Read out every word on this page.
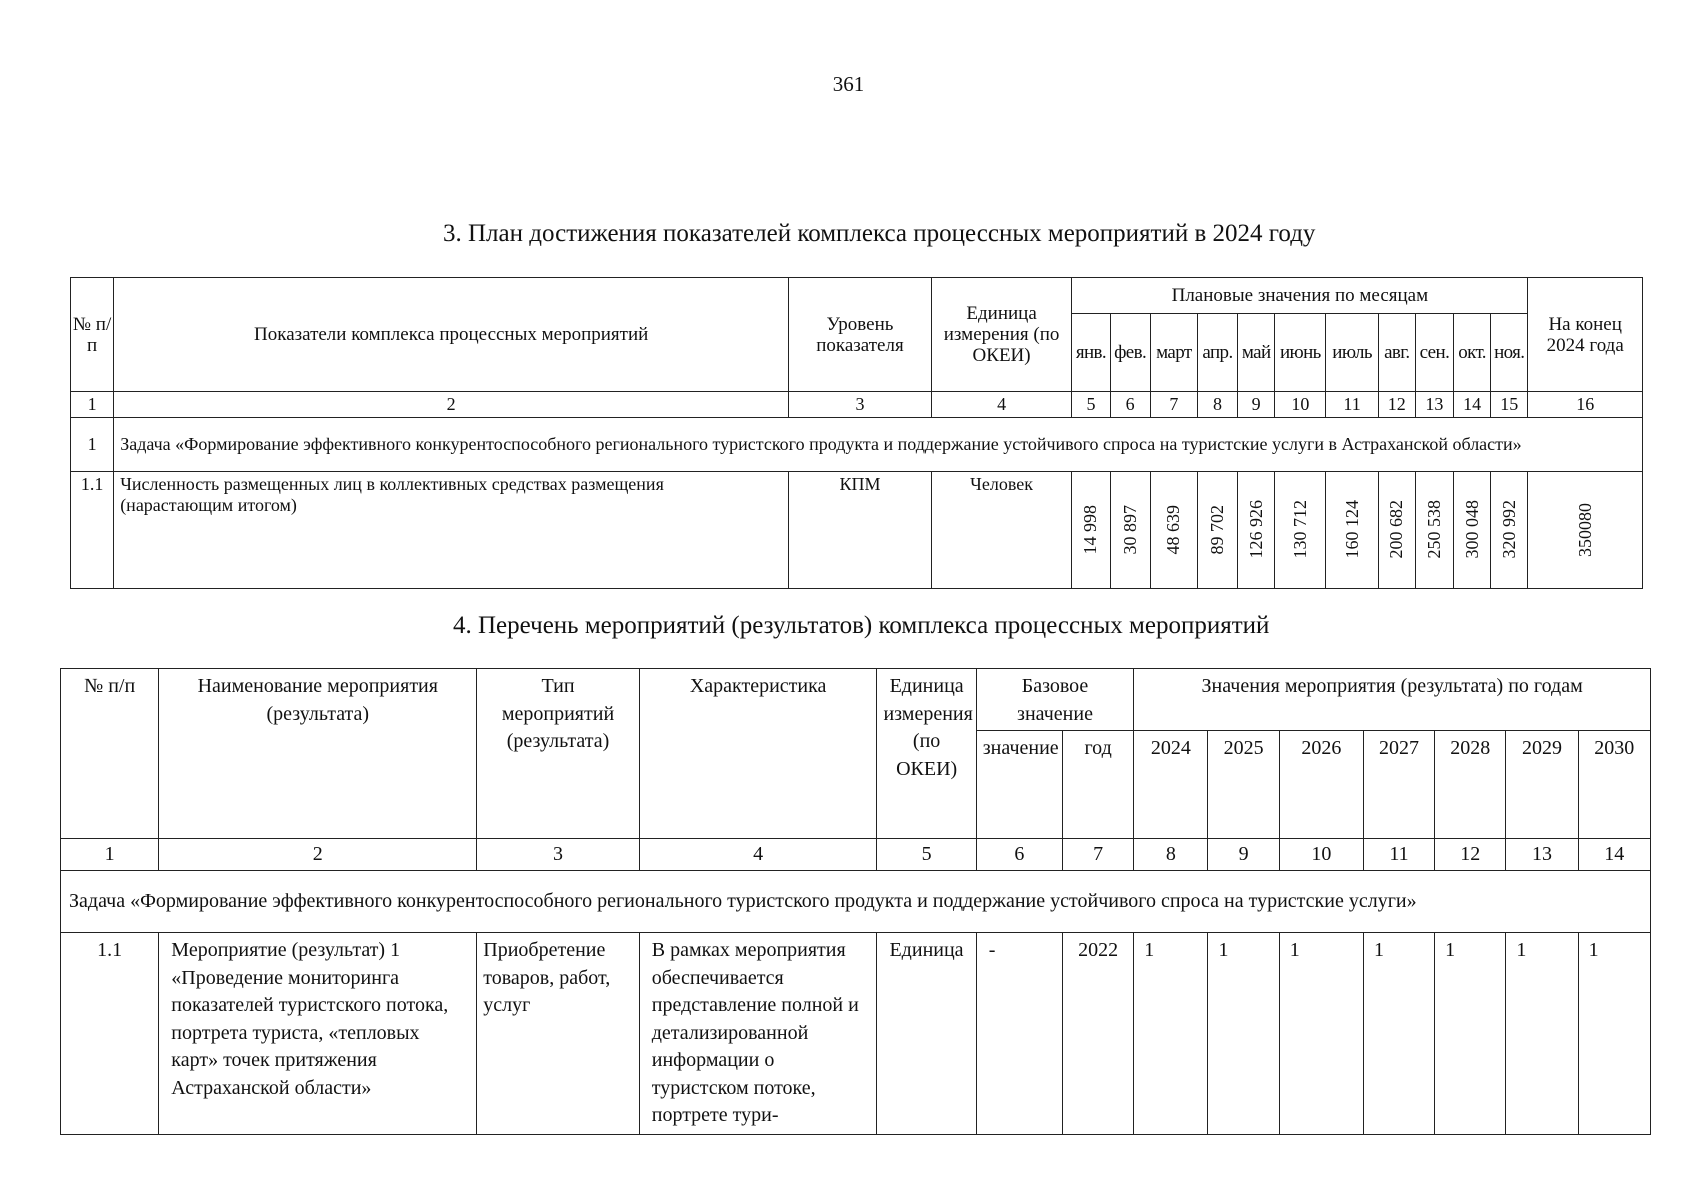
361
3. План достижения показателей комплекса процессных мероприятий в 2024 году
№ п/п	Показатели комплекса процессных мероприятий	Уровень показателя	Единица измерения (по ОКЕИ)	Плановые значения по месяцам											На конец 2024 года
				янв.	фев.	март	апр.	май	июнь	июль	авг.	сен.	окт.	ноя.	
1	2	3	4	5	6	7	8	9	10	11	12	13	14	15	16
1	Задача «Формирование эффективного конкурентоспособного регионального туристского продукта и поддержание устойчивого спроса на туристские услуги в Астраханской области»														
1.1	Численность размещенных лиц в коллективных средствах размещения (нарастающим итогом)	КПМ	Человек	14 998	30 897	48 639	89 702	126 926	130 712	160 124	200 682	250 538	300 048	320 992	350080
4. Перечень мероприятий (результатов) комплекса процессных мероприятий
№ п/п	Наименование мероприятия (результата)	Тип мероприятий (результата)	Характеристика	Единица измерения (по ОКЕИ)	Базовое значение		Значения мероприятия (результата) по годам						
					значение	год	2024	2025	2026	2027	2028	2029	2030
1	2	3	4	5	6	7	8	9	10	11	12	13	14
Задача «Формирование эффективного конкурентоспособного регионального туристского продукта и поддержание устойчивого спроса на туристские услуги»													
1.1	Мероприятие (результат) 1 «Проведение мониторинга показателей туристского потока, портрета туриста, «тепловых карт» точек притяжения Астраханской области»	Приобретение товаров, работ, услуг	В рамках мероприятия обеспечивается представление полной и детализированной информации о туристском потоке, портрете тури-	Единица	-	2022	1	1	1	1	1	1	1
